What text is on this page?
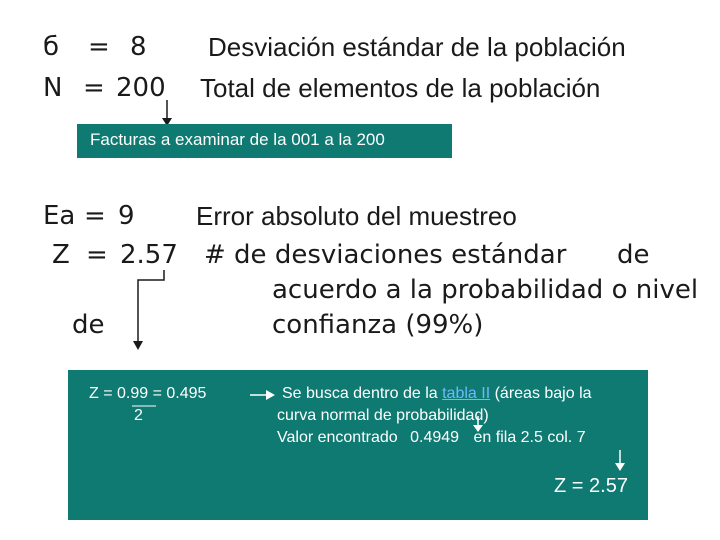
б = 8 Desviación estándar de la población
N = 200 Total de elementos de la población
Facturas a examinar de la 001 a la 200
Ea = 9 Error absoluto del muestreo
Z = 2.57 # de desviaciones estándar de
acuerdo a la probabilidad o nivel
de	confianza (99%)
Z = 0.99 = 0.495
2
Se busca dentro de la tabla II (áreas bajo la
curva normal de probabilidad)
Valor encontrado 0.4949 en fila 2.5 col. 7
Z = 2.57
